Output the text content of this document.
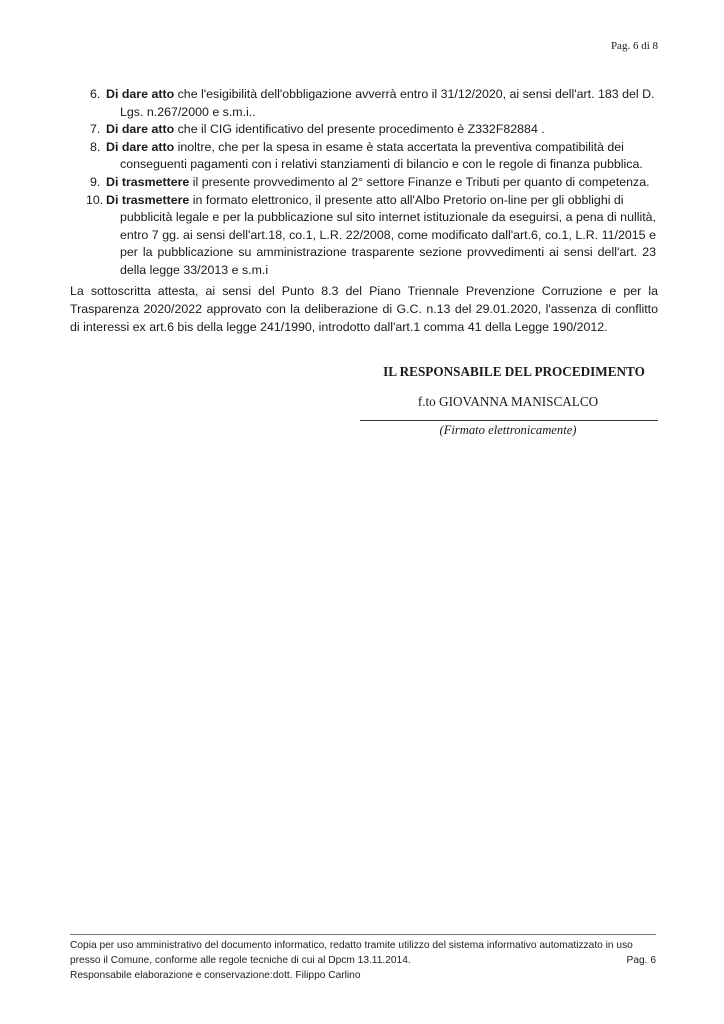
Pag. 6 di 8
6. Di dare atto che l'esigibilità dell'obbligazione avverrà entro il 31/12/2020, ai sensi dell'art. 183 del D.
Lgs. n.267/2000 e s.m.i..
7. Di dare atto che il CIG identificativo del presente procedimento è Z332F82884 .
8. Di dare atto inoltre, che per la spesa in esame è stata accertata la preventiva compatibilità dei
conseguenti pagamenti con i relativi stanziamenti di bilancio e con le regole di finanza pubblica.
9. Di trasmettere il presente provvedimento al 2° settore Finanze e Tributi per quanto di competenza.
10. Di trasmettere in formato elettronico, il presente atto all'Albo Pretorio on-line per gli obblighi di
pubblicità legale e per la pubblicazione sul sito internet istituzionale da eseguirsi, a pena di nullità, entro 7 gg. ai sensi dell'art.18, co.1, L.R. 22/2008, come modificato dall'art.6, co.1, L.R. 11/2015 e per la pubblicazione su amministrazione trasparente sezione provvedimenti ai sensi dell'art. 23 della legge 33/2013 e s.m.i
La sottoscritta attesta, ai sensi del Punto 8.3 del Piano Triennale Prevenzione Corruzione e per la Trasparenza 2020/2022 approvato con la deliberazione di G.C. n.13 del 29.01.2020, l'assenza di conflitto di interessi ex art.6 bis della legge 241/1990, introdotto dall'art.1 comma 41 della Legge 190/2012.
IL RESPONSABILE DEL PROCEDIMENTO
f.to GIOVANNA MANISCALCO
(Firmato elettronicamente)
Copia per uso amministrativo del documento informatico, redatto tramite utilizzo del sistema informativo automatizzato in uso
presso il Comune, conforme alle regole tecniche di cui al Dpcm 13.11.2014.
Responsabile elaborazione e conservazione:dott. Filippo Carlino
Pag. 6
